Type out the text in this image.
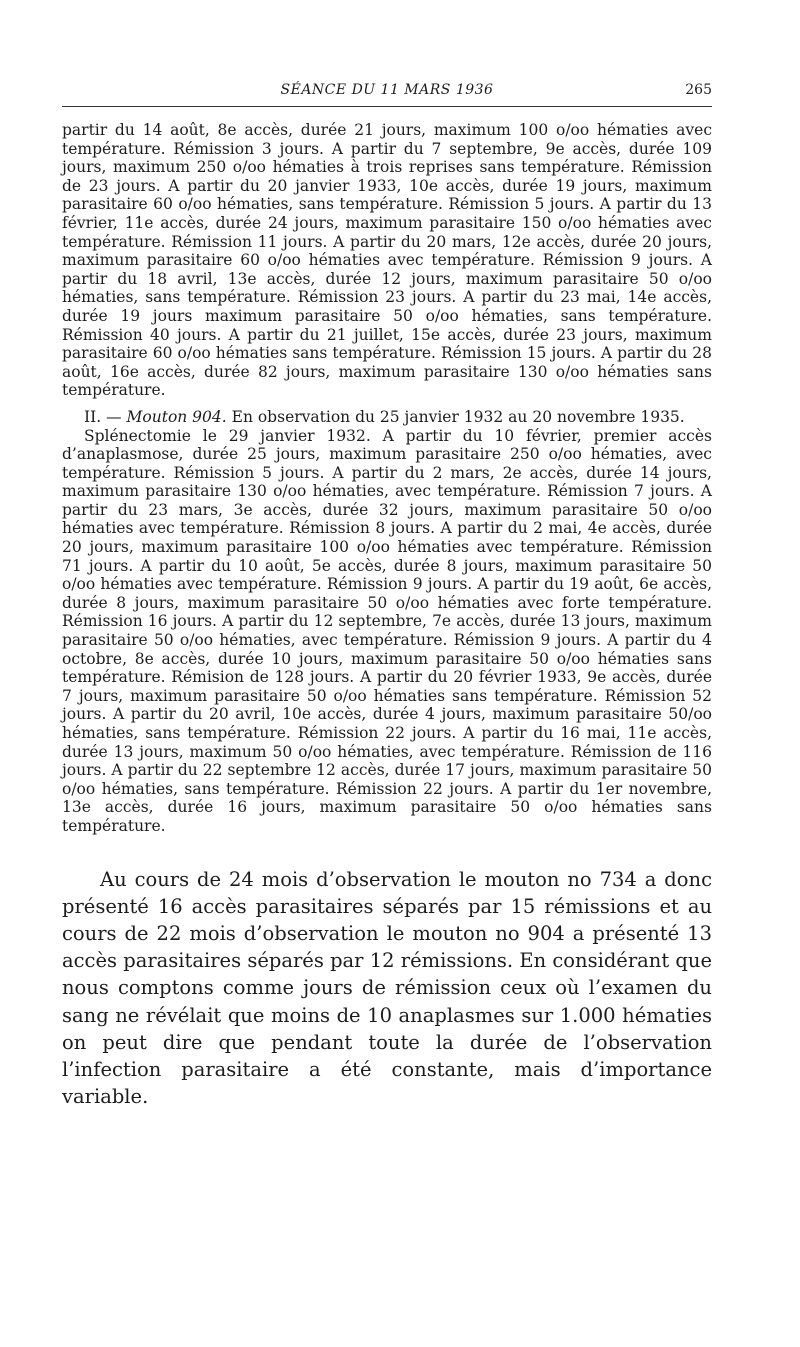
SÉANCE DU 11 MARS 1936	265

partir du 14 août, 8e accès, durée 21 jours, maximum 100 o/oo hématies avec température. Rémission 3 jours. A partir du 7 septembre, 9e accès, durée 109 jours, maximum 250 o/oo hématies à trois reprises sans température. Rémission de 23 jours. A partir du 20 janvier 1933, 10e accès, durée 19 jours, maximum parasitaire 60 o/oo hématies, sans température. Rémission 5 jours. A partir du 13 février, 11e accès, durée 24 jours, maximum parasitaire 150 o/oo hématies avec température. Rémission 11 jours. A partir du 20 mars, 12e accès, durée 20 jours, maximum parasitaire 60 o/oo hématies avec température. Rémission 9 jours. A partir du 18 avril, 13e accès, durée 12 jours, maximum parasitaire 50 o/oo hématies, sans température. Rémission 23 jours. A partir du 23 mai, 14e accès, durée 19 jours maximum parasitaire 50 o/oo hématies, sans température. Rémission 40 jours. A partir du 21 juillet, 15e accès, durée 23 jours, maximum parasitaire 60 o/oo hématies sans température. Rémission 15 jours. A partir du 28 août, 16e accès, durée 82 jours, maximum parasitaire 130 o/oo hématies sans température.

II. — Mouton 904. En observation du 25 janvier 1932 au 20 novembre 1935.

Splénectomie le 29 janvier 1932. A partir du 10 février, premier accès d’anaplasmose, durée 25 jours, maximum parasitaire 250 o/oo hématies, avec température. Rémission 5 jours. A partir du 2 mars, 2e accès, durée 14 jours, maximum parasitaire 130 o/oo hématies, avec température. Rémission 7 jours. A partir du 23 mars, 3e accès, durée 32 jours, maximum parasitaire 50 o/oo hématies avec température. Rémission 8 jours. A partir du 2 mai, 4e accès, durée 20 jours, maximum parasitaire 100 o/oo hématies avec température. Rémission 71 jours. A partir du 10 août, 5e accès, durée 8 jours, maximum parasitaire 50 o/oo hématies avec température. Rémission 9 jours. A partir du 19 août, 6e accès, durée 8 jours, maximum parasitaire 50 o/oo hématies avec forte température. Rémission 16 jours. A partir du 12 septembre, 7e accès, durée 13 jours, maximum parasitaire 50 o/oo hématies, avec température. Rémission 9 jours. A partir du 4 octobre, 8e accès, durée 10 jours, maximum parasitaire 50 o/oo hématies sans température. Rémision de 128 jours. A partir du 20 février 1933, 9e accès, durée 7 jours, maximum parasitaire 50 o/oo hématies sans température. Rémission 52 jours. A partir du 20 avril, 10e accès, durée 4 jours, maximum parasitaire 50/oo hématies, sans température. Rémission 22 jours. A partir du 16 mai, 11e accès, durée 13 jours, maximum 50 o/oo hématies, avec température. Rémission de 116 jours. A partir du 22 septembre 12 accès, durée 17 jours, maximum parasitaire 50 o/oo hématies, sans température. Rémission 22 jours. A partir du 1er novembre, 13e accès, durée 16 jours, maximum parasitaire 50 o/oo hématies sans température.

Au cours de 24 mois d’observation le mouton no 734 a donc présenté 16 accès parasitaires séparés par 15 rémissions et au cours de 22 mois d’observation le mouton no 904 a présenté 13 accès parasitaires séparés par 12 rémissions. En considérant que nous comptons comme jours de rémission ceux où l’examen du sang ne révélait que moins de 10 anaplasmes sur 1.000 hématies on peut dire que pendant toute la durée de l’observation l’infection parasitaire a été constante, mais d’importance variable.
